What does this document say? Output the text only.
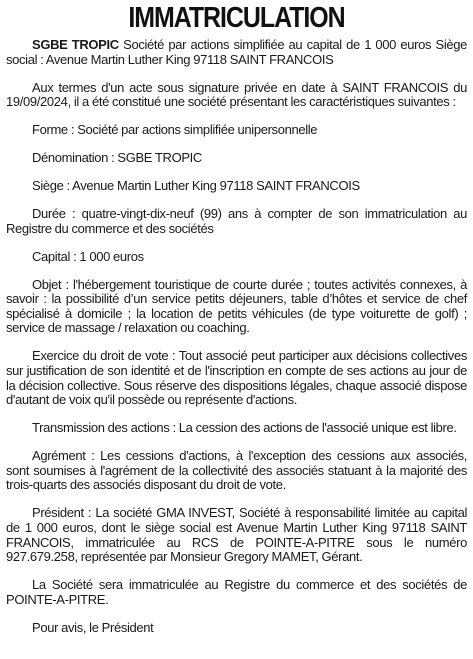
IMMATRICULATION

SGBE TROPIC Société par actions simplifiée au capital de 1 000 euros Siège social : Avenue Martin Luther King 97118 SAINT FRANCOIS

Aux termes d'un acte sous signature privée en date à SAINT FRANCOIS du 19/09/2024, il a été constitué une société présentant les caractéristiques suivantes :

Forme : Société par actions simplifiée unipersonnelle

Dénomination : SGBE TROPIC

Siège : Avenue Martin Luther King 97118 SAINT FRANCOIS

Durée : quatre-vingt-dix-neuf (99) ans à compter de son immatriculation au Registre du commerce et des sociétés

Capital : 1 000 euros

Objet : l'hébergement touristique de courte durée ; toutes activités connexes, à savoir : la possibilité d’un service petits déjeuners, table d’hôtes et service de chef spécialisé à domicile ; la location de petits véhicules (de type voiturette de golf) ; service de massage / relaxation ou coaching.

Exercice du droit de vote : Tout associé peut participer aux décisions collectives sur justification de son identité et de l'inscription en compte de ses actions au jour de la décision collective. Sous réserve des dispositions légales, chaque associé dispose d'autant de voix qu'il possède ou représente d'actions.

Transmission des actions : La cession des actions de l'associé unique est libre.

Agrément : Les cessions d'actions, à l'exception des cessions aux associés, sont soumises à l'agrément de la collectivité des associés statuant à la majorité des trois-quarts des associés disposant du droit de vote.

Président : La société GMA INVEST, Société à responsabilité limitée au capital de 1 000 euros, dont le siège social est Avenue Martin Luther King 97118 SAINT FRANCOIS, immatriculée au RCS de POINTE-A-PITRE sous le numéro 927.679.258, représentée par Monsieur Gregory MAMET, Gérant.

La Société sera immatriculée au Registre du commerce et des sociétés de POINTE-A-PITRE.

Pour avis, le Président
